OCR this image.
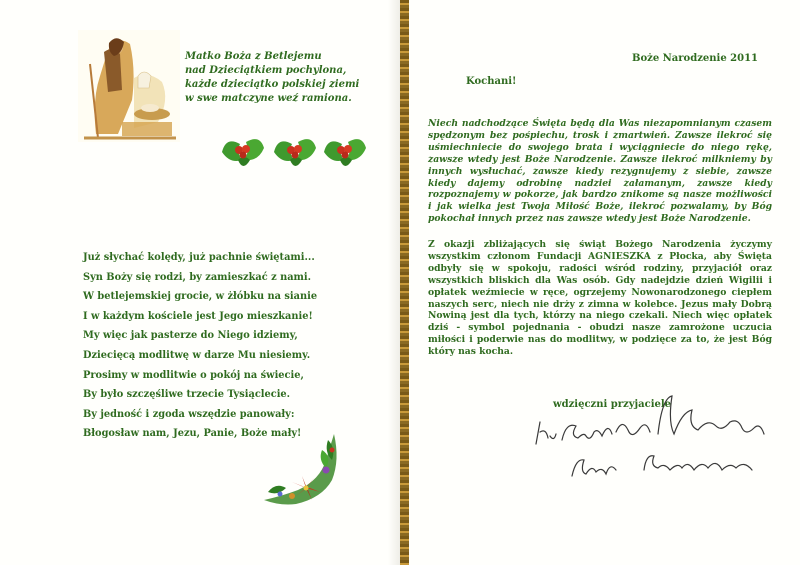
Matko Boża z Betlejemu
nad Dzieciątkiem pochylona,
każde dzieciątko polskiej ziemi
w swe matczyne weź ramiona.
Już słychać kolędy, już pachnie świętami...
Syn Boży się rodzi, by zamieszkać z nami.
W betlejemskiej grocie, w żłóbku na sianie
I w każdym kościele jest Jego mieszkanie!
My więc jak pasterze do Niego idziemy,
Dziecięcą modlitwę w darze Mu niesiemy.
Prosimy w modlitwie o pokój na świecie,
By było szczęśliwe trzecie Tysiąclecie.
By jedność i zgoda wszędzie panowały:
Błogosław nam, Jezu, Panie, Boże mały!
Boże Narodzenie 2011
Kochani!
Niech nadchodzące Święta będą dla Was niezapomnianym czasem spędzonym bez pośpiechu, trosk i zmartwień. Zawsze ilekroć się uśmiechniecie do swojego brata i wyciągniecie do niego rękę, zawsze wtedy jest Boże Narodzenie. Zawsze ilekroć milkniemy by innych wysłuchać, zawsze kiedy rezygnujemy z siebie, zawsze kiedy dajemy odrobinę nadziei załamanym, zawsze kiedy rozpoznajemy w pokorze, jak bardzo znikome są nasze możliwości i jak wielka jest Twoja Miłość Boże, ilekroć pozwalamy, by Bóg pokochał innych przez nas zawsze wtedy jest Boże Narodzenie.
Z okazji zbliżających się świąt Bożego Narodzenia życzymy wszystkim członom Fundacji AGNIESZKA z Płocka, aby Święta odbyły się w spokoju, radości wśród rodziny, przyjaciół oraz wszystkich bliskich dla Was osób. Gdy nadejdzie dzień Wigilii i opłatek weźmiecie w ręce, ogrzejemy Nowonarodzonego ciepłem naszych serc, niech nie drży z zimna w kolebce. Jezus mały Dobrą Nowiną jest dla tych, którzy na niego czekali. Niech więc opłatek dziś - symbol pojednania - obudzi nasze zamrożone uczucia miłości i poderwie nas do modlitwy, w podzięce za to, że jest Bóg który nas kocha.
wdzięczni przyjaciele
